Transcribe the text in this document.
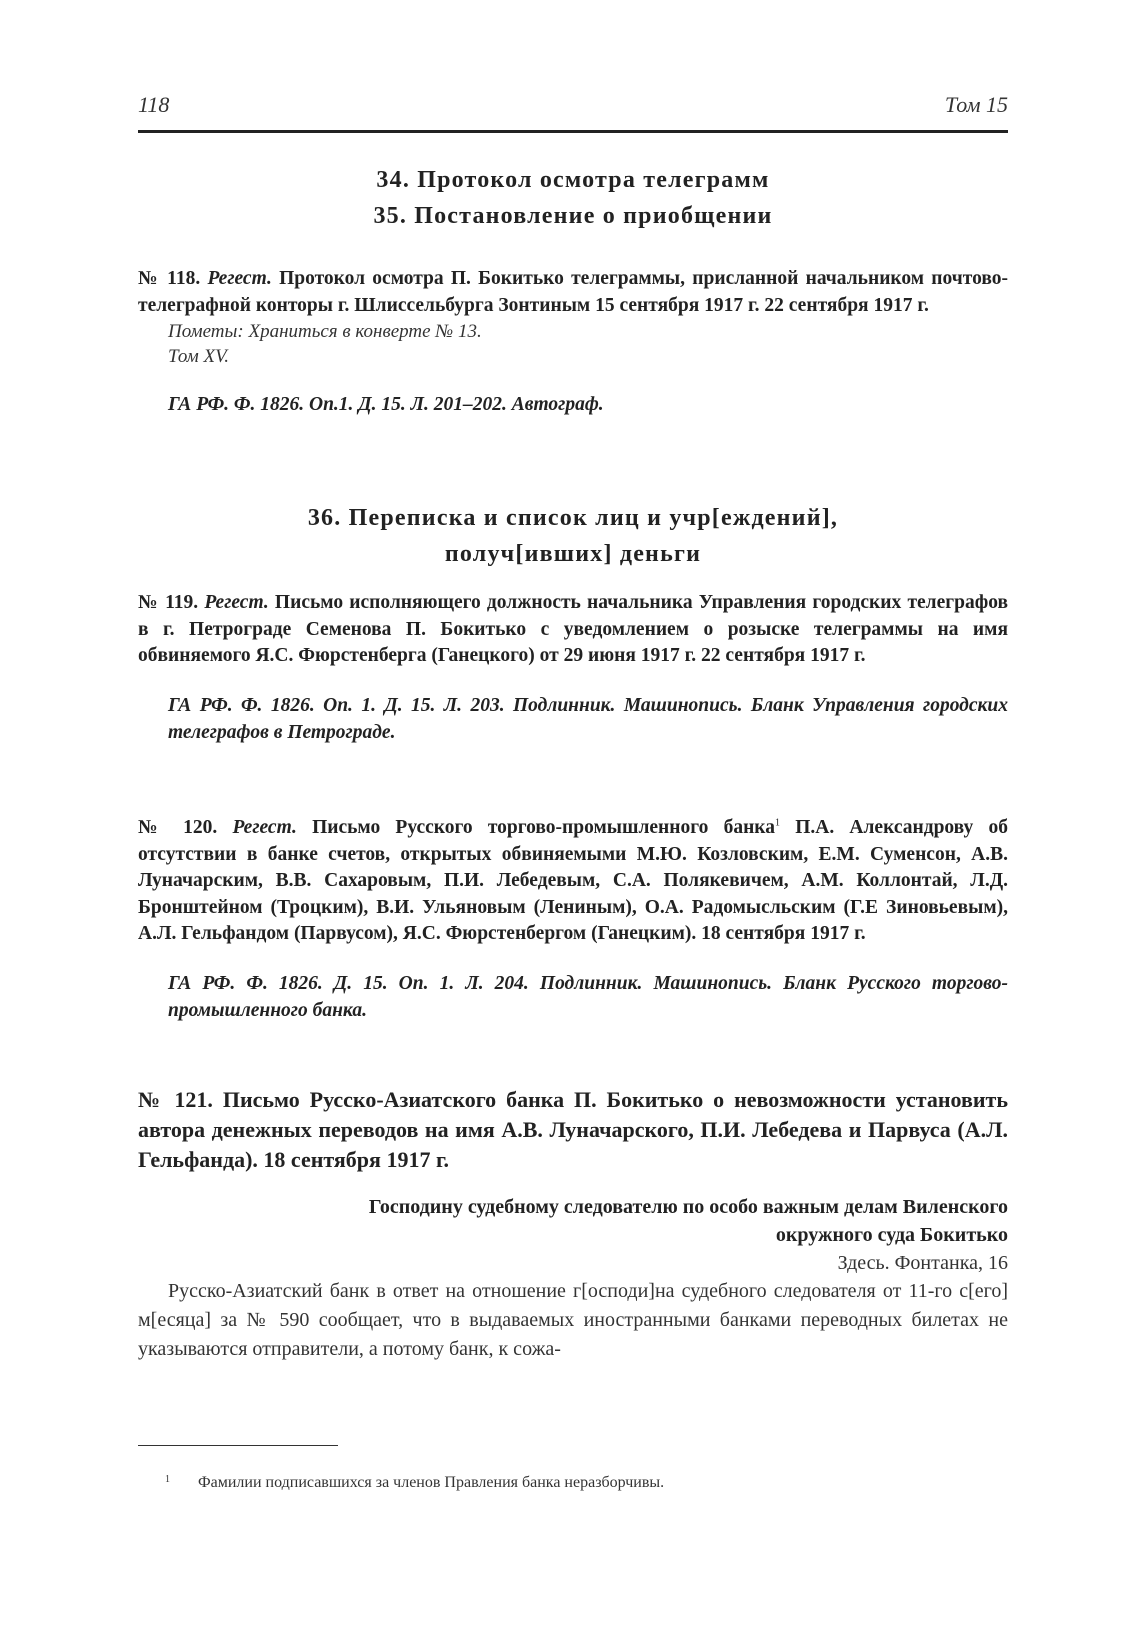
118	Том 15
34. Протокол осмотра телеграмм
35. Постановление о приобщении
№ 118. Регест. Протокол осмотра П. Бокитько телеграммы, присланной начальником почтово-телеграфной конторы г. Шлиссельбурга Зонтиным 15 сентября 1917 г. 22 сентября 1917 г.
Пометы: Храниться в конверте № 13.
Том XV.
ГА РФ. Ф. 1826. Оп.1. Д. 15. Л. 201–202. Автограф.
36. Переписка и список лиц и учр[еждений],
получ[ивших] деньги
№ 119. Регест. Письмо исполняющего должность начальника Управления городских телеграфов в г. Петрограде Семенова П. Бокитько с уведомлением о розыске телеграммы на имя обвиняемого Я.С. Фюрстенберга (Ганецкого) от 29 июня 1917 г. 22 сентября 1917 г.
ГА РФ. Ф. 1826. Оп. 1. Д. 15. Л. 203. Подлинник. Машинопись. Бланк Управления городских телеграфов в Петрограде.
№ 120. Регест. Письмо Русского торгово-промышленного банка$^1$ П.А. Александрову об отсутствии в банке счетов, открытых обвиняемыми М.Ю. Козловским, Е.М. Суменсон, А.В. Луначарским, В.В. Сахаровым, П.И. Лебедевым, С.А. Полякевичем, А.М. Коллонтай, Л.Д. Бронштейном (Троцким), В.И. Ульяновым (Лениным), О.А. Радомысльским (Г.Е Зиновьевым), А.Л. Гельфандом (Парвусом), Я.С. Фюрстенбергом (Ганецким). 18 сентября 1917 г.
ГА РФ. Ф. 1826. Д. 15. Оп. 1. Л. 204. Подлинник. Машинопись. Бланк Русского торгово-промышленного банка.
№ 121. Письмо Русско-Азиатского банка П. Бокитько о невозможности установить автора денежных переводов на имя А.В. Луначарского, П.И. Лебедева и Парвуса (А.Л. Гельфанда). 18 сентября 1917 г.
Господину судебному следователю по особо важным делам Виленского
окружного суда Бокитько
Здесь. Фонтанка, 16
Русско-Азиатский банк в ответ на отношение г[осподи]на судебного следователя от 11-го с[его] м[есяца] за № 590 сообщает, что в выдаваемых иностранными банками переводных билетах не указываются отправители, а потому банк, к сожа-
$^1$ Фамилии подписавшихся за членов Правления банка неразборчивы.
